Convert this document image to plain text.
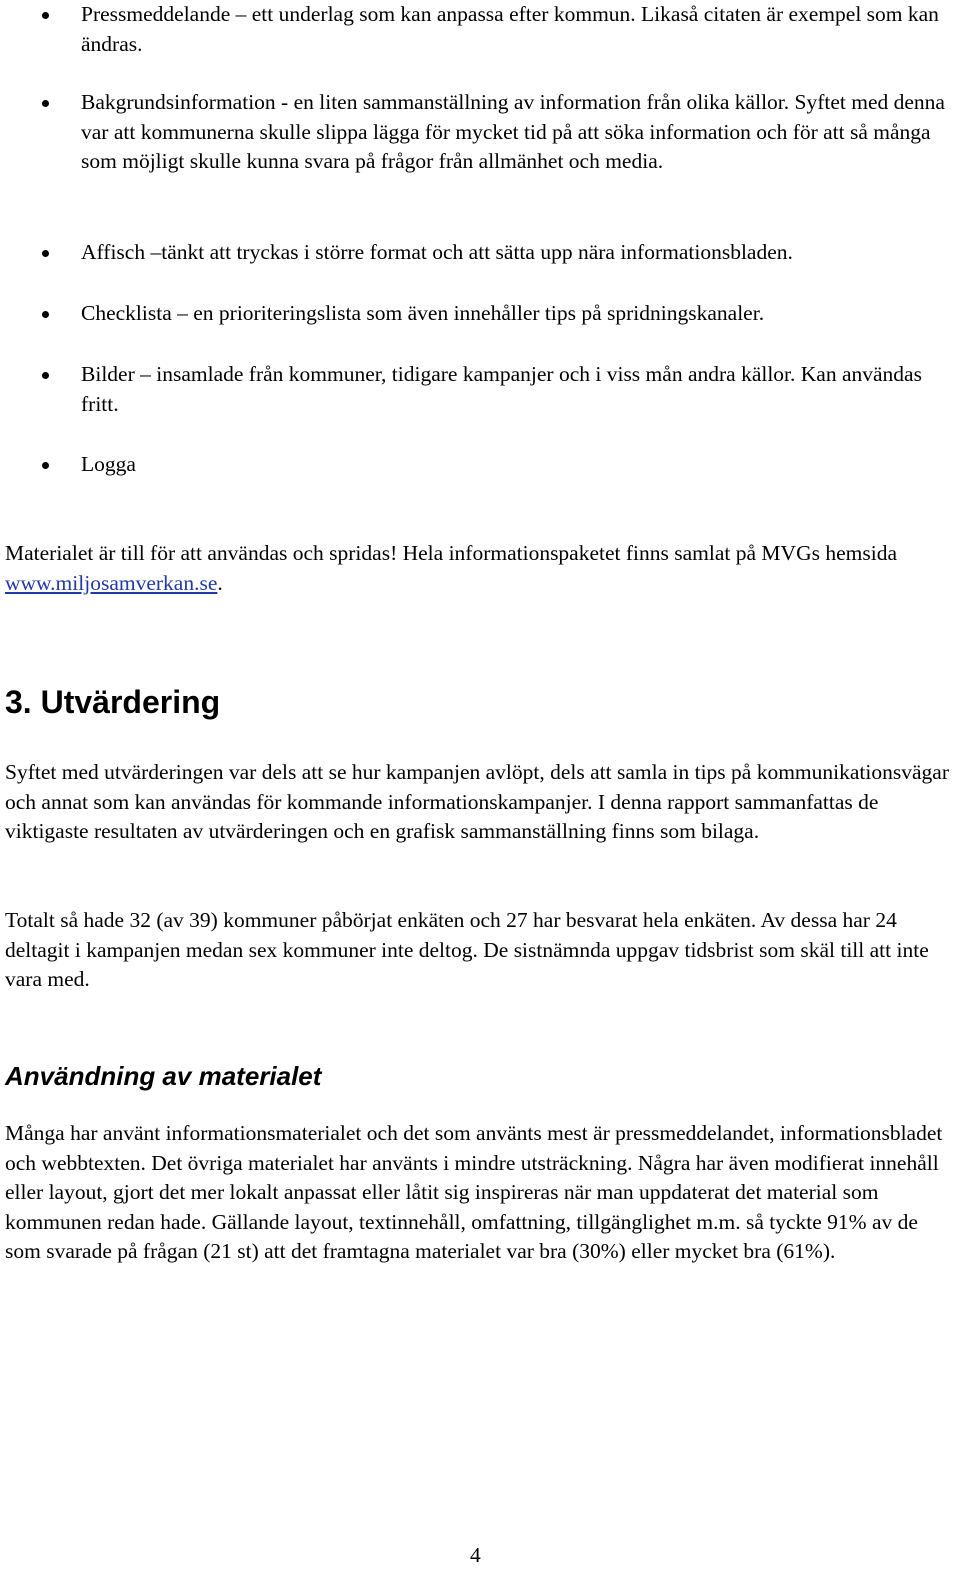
Pressmeddelande – ett underlag som kan anpassa efter kommun. Likaså citaten är exempel som kan ändras.

Bakgrundsinformation - en liten sammanställning av information från olika källor. Syftet med denna var att kommunerna skulle slippa lägga för mycket tid på att söka information och för att så många som möjligt skulle kunna svara på frågor från allmänhet och media.

Affisch –tänkt att tryckas i större format och att sätta upp nära informationsbladen.

Checklista – en prioriteringslista som även innehåller tips på spridningskanaler.

Bilder – insamlade från kommuner, tidigare kampanjer och i viss mån andra källor. Kan användas fritt.

Logga

Materialet är till för att användas och spridas! Hela informationspaketet finns samlat på MVGs hemsida www.miljosamverkan.se.

3. Utvärdering

Syftet med utvärderingen var dels att se hur kampanjen avlöpt, dels att samla in tips på kommunikationsvägar och annat som kan användas för kommande informationskampanjer. I denna rapport sammanfattas de viktigaste resultaten av utvärderingen och en grafisk sammanställning finns som bilaga.

Totalt så hade 32 (av 39) kommuner påbörjat enkäten och 27 har besvarat hela enkäten. Av dessa har 24 deltagit i kampanjen medan sex kommuner inte deltog. De sistnämnda uppgav tidsbrist som skäl till att inte vara med.

Användning av materialet

Många har använt informationsmaterialet och det som använts mest är pressmeddelandet, informationsbladet och webbtexten. Det övriga materialet har använts i mindre utsträckning. Några har även modifierat innehåll eller layout, gjort det mer lokalt anpassat eller låtit sig inspireras när man uppdaterat det material som kommunen redan hade. Gällande layout, textinnehåll, omfattning, tillgänglighet m.m. så tyckte 91% av de som svarade på frågan (21 st) att det framtagna materialet var bra (30%) eller mycket bra (61%).

4
